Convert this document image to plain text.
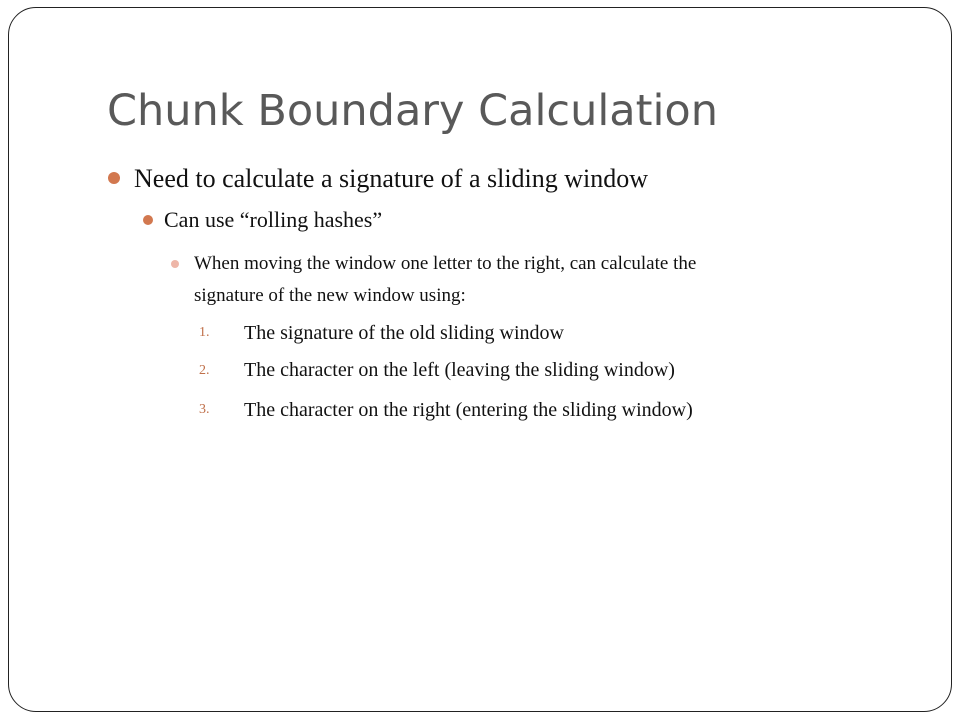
Chunk Boundary Calculation

Need to calculate a signature of a sliding window

Can use “rolling hashes”

When moving the window one letter to the right, can calculate the

signature of the new window using:

1. The signature of the old sliding window

2. The character on the left (leaving the sliding window)

3. The character on the right (entering the sliding window)
